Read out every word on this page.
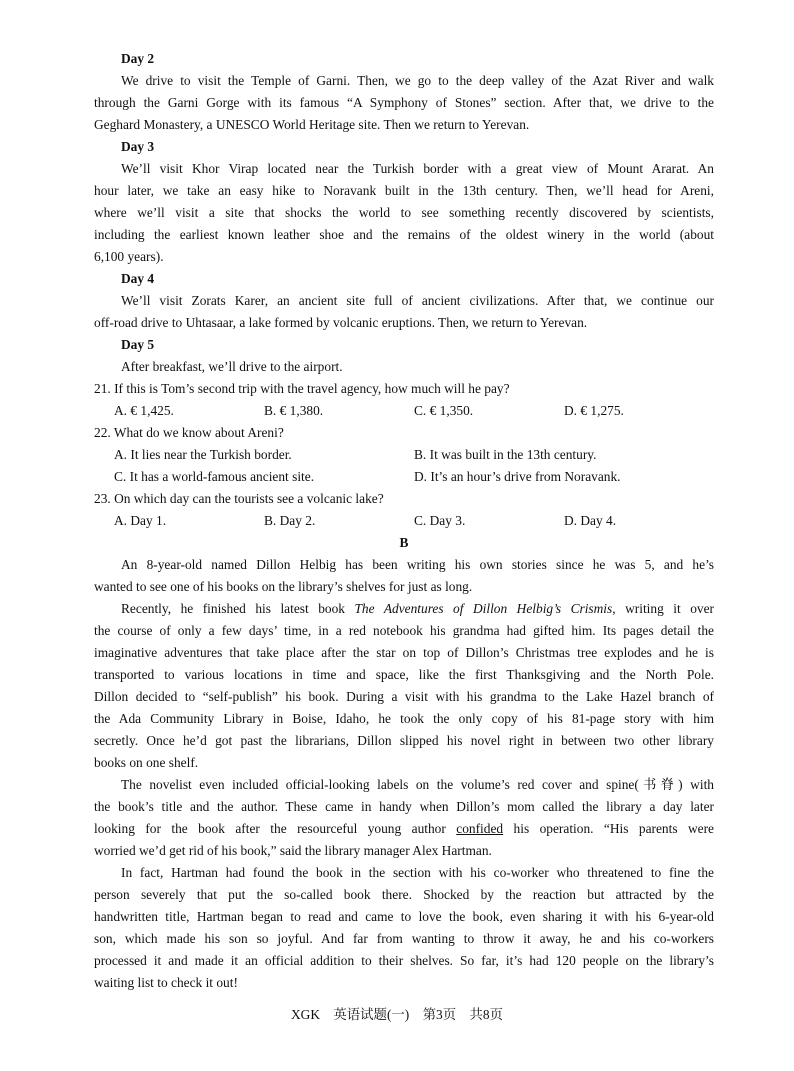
Day 2
We drive to visit the Temple of Garni. Then, we go to the deep valley of the Azat River and walk
through the Garni Gorge with its famous “A Symphony of Stones” section. After that, we drive to the
Geghard Monastery, a UNESCO World Heritage site. Then we return to Yerevan.
Day 3
We’ll visit Khor Virap located near the Turkish border with a great view of Mount Ararat. An
hour later, we take an easy hike to Noravank built in the 13th century. Then, we’ll head for Areni,
where we’ll visit a site that shocks the world to see something recently discovered by scientists,
including the earliest known leather shoe and the remains of the oldest winery in the world (about
6,100 years).
Day 4
We’ll visit Zorats Karer, an ancient site full of ancient civilizations. After that, we continue our
off-road drive to Uhtasaar, a lake formed by volcanic eruptions. Then, we return to Yerevan.
Day 5
After breakfast, we’ll drive to the airport.
21. If this is Tom’s second trip with the travel agency, how much will he pay?
A. € 1,425.	B. € 1,380.	C. € 1,350.	D. € 1,275.
22. What do we know about Areni?
A. It lies near the Turkish border.	B. It was built in the 13th century.
C. It has a world-famous ancient site.	D. It’s an hour’s drive from Noravank.
23. On which day can the tourists see a volcanic lake?
A. Day 1.	B. Day 2.	C. Day 3.	D. Day 4.
B
An 8-year-old named Dillon Helbig has been writing his own stories since he was 5, and he’s
wanted to see one of his books on the library’s shelves for just as long.
Recently, he finished his latest book The Adventures of Dillon Helbig’s Crismis, writing it over
the course of only a few days’ time, in a red notebook his grandma had gifted him. Its pages detail the
imaginative adventures that take place after the star on top of Dillon’s Christmas tree explodes and he is
transported to various locations in time and space, like the first Thanksgiving and the North Pole.
Dillon decided to “self-publish” his book. During a visit with his grandma to the Lake Hazel branch of
the Ada Community Library in Boise, Idaho, he took the only copy of his 81-page story with him
secretly. Once he’d got past the librarians, Dillon slipped his novel right in between two other library
books on one shelf.
The novelist even included official-looking labels on the volume’s red cover and spine(书脊) with
the book’s title and the author. These came in handy when Dillon’s mom called the library a day later
looking for the book after the resourceful young author confided his operation. “His parents were
worried we’d get rid of his book,” said the library manager Alex Hartman.
In fact, Hartman had found the book in the section with his co-worker who threatened to fine the
person severely that put the so-called book there. Shocked by the reaction but attracted by the
handwritten title, Hartman began to read and came to love the book, even sharing it with his 6-year-old
son, which made his son so joyful. And far from wanting to throw it away, he and his co-workers
processed it and made it an official addition to their shelves. So far, it’s had 120 people on the library’s
waiting list to check it out!
XGK　英语试题(一)　第3页　共8页
